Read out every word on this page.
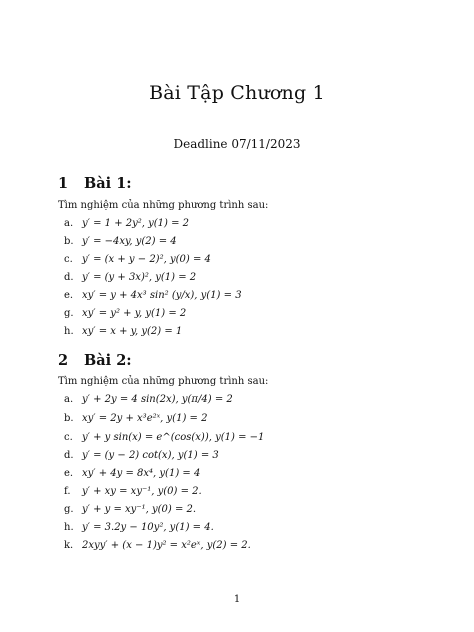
Bài Tập Chương 1
Deadline 07/11/2023
1 Bài 1:
Tìm nghiệm của những phương trình sau:
a. y′ = 1 + 2y², y(1) = 2
b. y′ = −4xy, y(2) = 4
c. y′ = (x + y − 2)², y(0) = 4
d. y′ = (y + 3x)², y(1) = 2
e. xy′ = y + 4x³ sin² (y/x), y(1) = 3
g. xy′ = y² + y, y(1) = 2
h. xy′ = x + y, y(2) = 1
2 Bài 2:
Tìm nghiệm của những phương trình sau:
a. y′ + 2y = 4 sin(2x), y(π/4) = 2
b. xy′ = 2y + x³e²ˣ, y(1) = 2
c. y′ + y sin(x) = e^(cos(x)), y(1) = −1
d. y′ = (y − 2) cot(x), y(1) = 3
e. xy′ + 4y = 8x⁴, y(1) = 4
f. y′ + xy = xy⁻¹, y(0) = 2.
g. y′ + y = xy⁻¹, y(0) = 2.
h. y′ = 3.2y − 10y², y(1) = 4.
k. 2xyy′ + (x − 1)y² = x²eˣ, y(2) = 2.
1
